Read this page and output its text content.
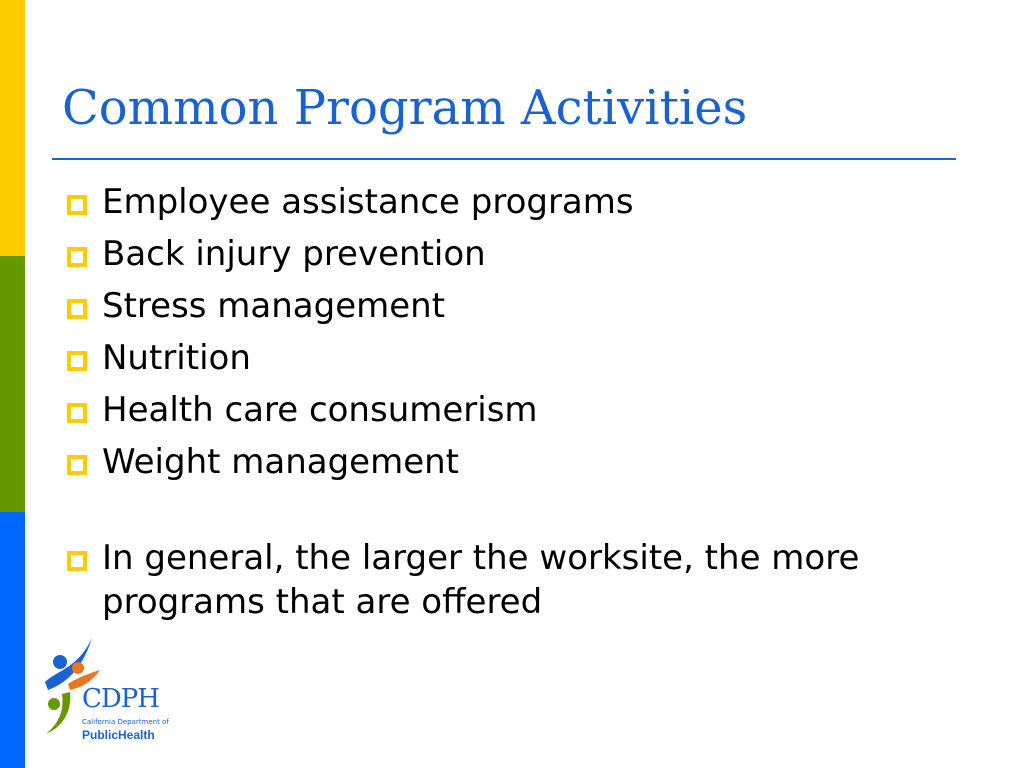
Common Program Activities
Employee assistance programs
Back injury prevention
Stress management
Nutrition
Health care consumerism
Weight management
In general, the larger the worksite, the more programs that are offered
CDPH
California Department of
PublicHealth
